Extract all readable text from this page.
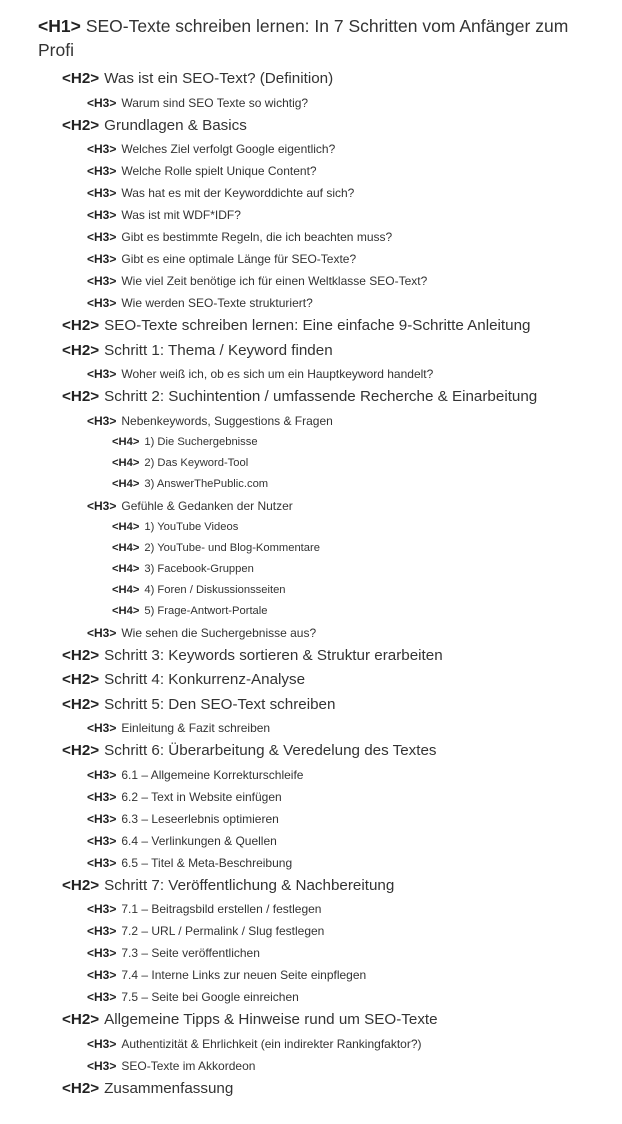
<H1> SEO-Texte schreiben lernen: In 7 Schritten vom Anfänger zum Profi
<H2> Was ist ein SEO-Text? (Definition)
<H3> Warum sind SEO Texte so wichtig?
<H2> Grundlagen & Basics
<H3> Welches Ziel verfolgt Google eigentlich?
<H3> Welche Rolle spielt Unique Content?
<H3> Was hat es mit der Keyworddichte auf sich?
<H3> Was ist mit WDF*IDF?
<H3> Gibt es bestimmte Regeln, die ich beachten muss?
<H3> Gibt es eine optimale Länge für SEO-Texte?
<H3> Wie viel Zeit benötige ich für einen Weltklasse SEO-Text?
<H3> Wie werden SEO-Texte strukturiert?
<H2> SEO-Texte schreiben lernen: Eine einfache 9-Schritte Anleitung
<H2> Schritt 1: Thema / Keyword finden
<H3> Woher weiß ich, ob es sich um ein Hauptkeyword handelt?
<H2> Schritt 2: Suchintention / umfassende Recherche & Einarbeitung
<H3> Nebenkeywords, Suggestions & Fragen
<H4> 1) Die Suchergebnisse
<H4> 2) Das Keyword-Tool
<H4> 3) AnswerThePublic.com
<H3> Gefühle & Gedanken der Nutzer
<H4> 1) YouTube Videos
<H4> 2) YouTube- und Blog-Kommentare
<H4> 3) Facebook-Gruppen
<H4> 4) Foren / Diskussionsseiten
<H4> 5) Frage-Antwort-Portale
<H3> Wie sehen die Suchergebnisse aus?
<H2> Schritt 3: Keywords sortieren & Struktur erarbeiten
<H2> Schritt 4: Konkurrenz-Analyse
<H2> Schritt 5: Den SEO-Text schreiben
<H3> Einleitung & Fazit schreiben
<H2> Schritt 6: Überarbeitung & Veredelung des Textes
<H3> 6.1 – Allgemeine Korrekturschleife
<H3> 6.2 – Text in Website einfügen
<H3> 6.3 – Leseerlebnis optimieren
<H3> 6.4 – Verlinkungen & Quellen
<H3> 6.5 – Titel & Meta-Beschreibung
<H2> Schritt 7: Veröffentlichung & Nachbereitung
<H3> 7.1 – Beitragsbild erstellen / festlegen
<H3> 7.2 – URL / Permalink / Slug festlegen
<H3> 7.3 – Seite veröffentlichen
<H3> 7.4 – Interne Links zur neuen Seite einpflegen
<H3> 7.5 – Seite bei Google einreichen
<H2> Allgemeine Tipps & Hinweise rund um SEO-Texte
<H3> Authentizität & Ehrlichkeit (ein indirekter Rankingfaktor?)
<H3> SEO-Texte im Akkordeon
<H2> Zusammenfassung
